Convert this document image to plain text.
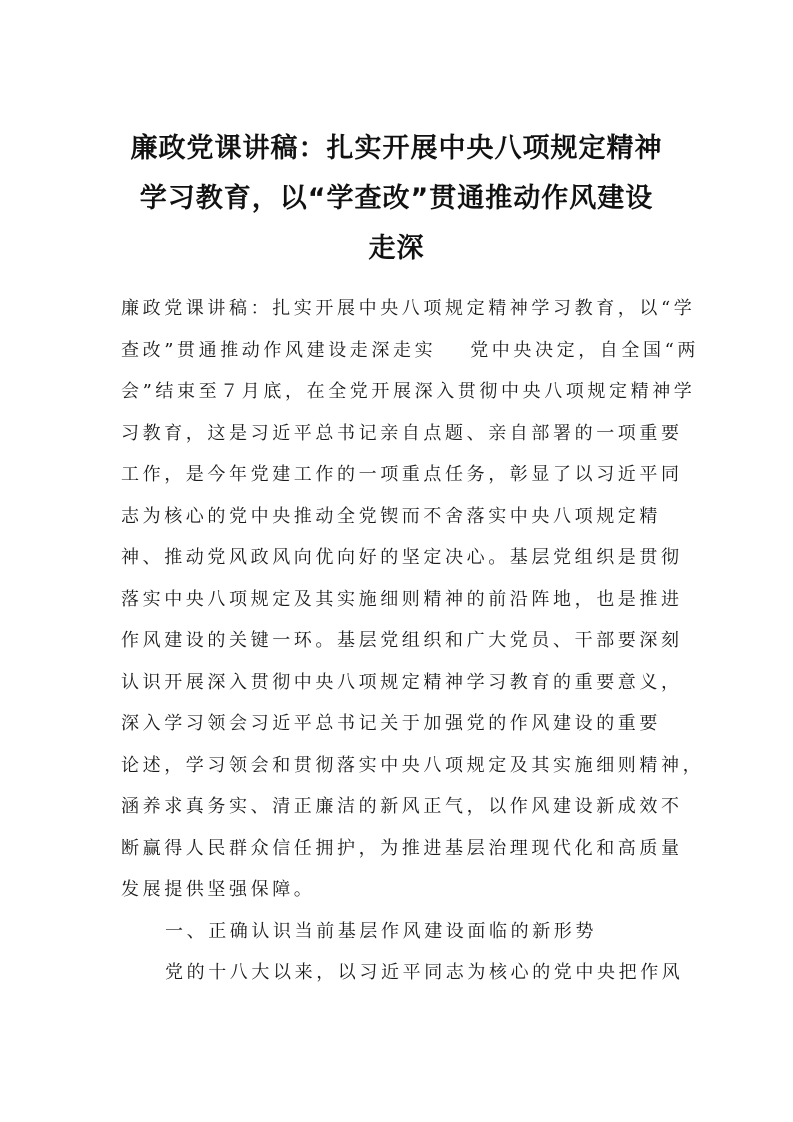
廉政党课讲稿：扎实开展中央八项规定精神
学习教育，以“学查改”贯通推动作风建设
走深
廉政党课讲稿：扎实开展中央八项规定精神学习教育，以“学
查改”贯通推动作风建设走深走实 党中央决定，自全国“两
会”结束至７月底，在全党开展深入贯彻中央八项规定精神学
习教育，这是习近平总书记亲自点题、亲自部署的一项重要
工作，是今年党建工作的一项重点任务，彰显了以习近平同
志为核心的党中央推动全党锲而不舍落实中央八项规定精
神、推动党风政风向优向好的坚定决心。基层党组织是贯彻
落实中央八项规定及其实施细则精神的前沿阵地，也是推进
作风建设的关键一环。基层党组织和广大党员、干部要深刻
认识开展深入贯彻中央八项规定精神学习教育的重要意义，
深入学习领会习近平总书记关于加强党的作风建设的重要
论述，学习领会和贯彻落实中央八项规定及其实施细则精神，
涵养求真务实、清正廉洁的新风正气，以作风建设新成效不
断赢得人民群众信任拥护，为推进基层治理现代化和高质量
发展提供坚强保障。
一、正确认识当前基层作风建设面临的新形势
党的十八大以来，以习近平同志为核心的党中央把作风
